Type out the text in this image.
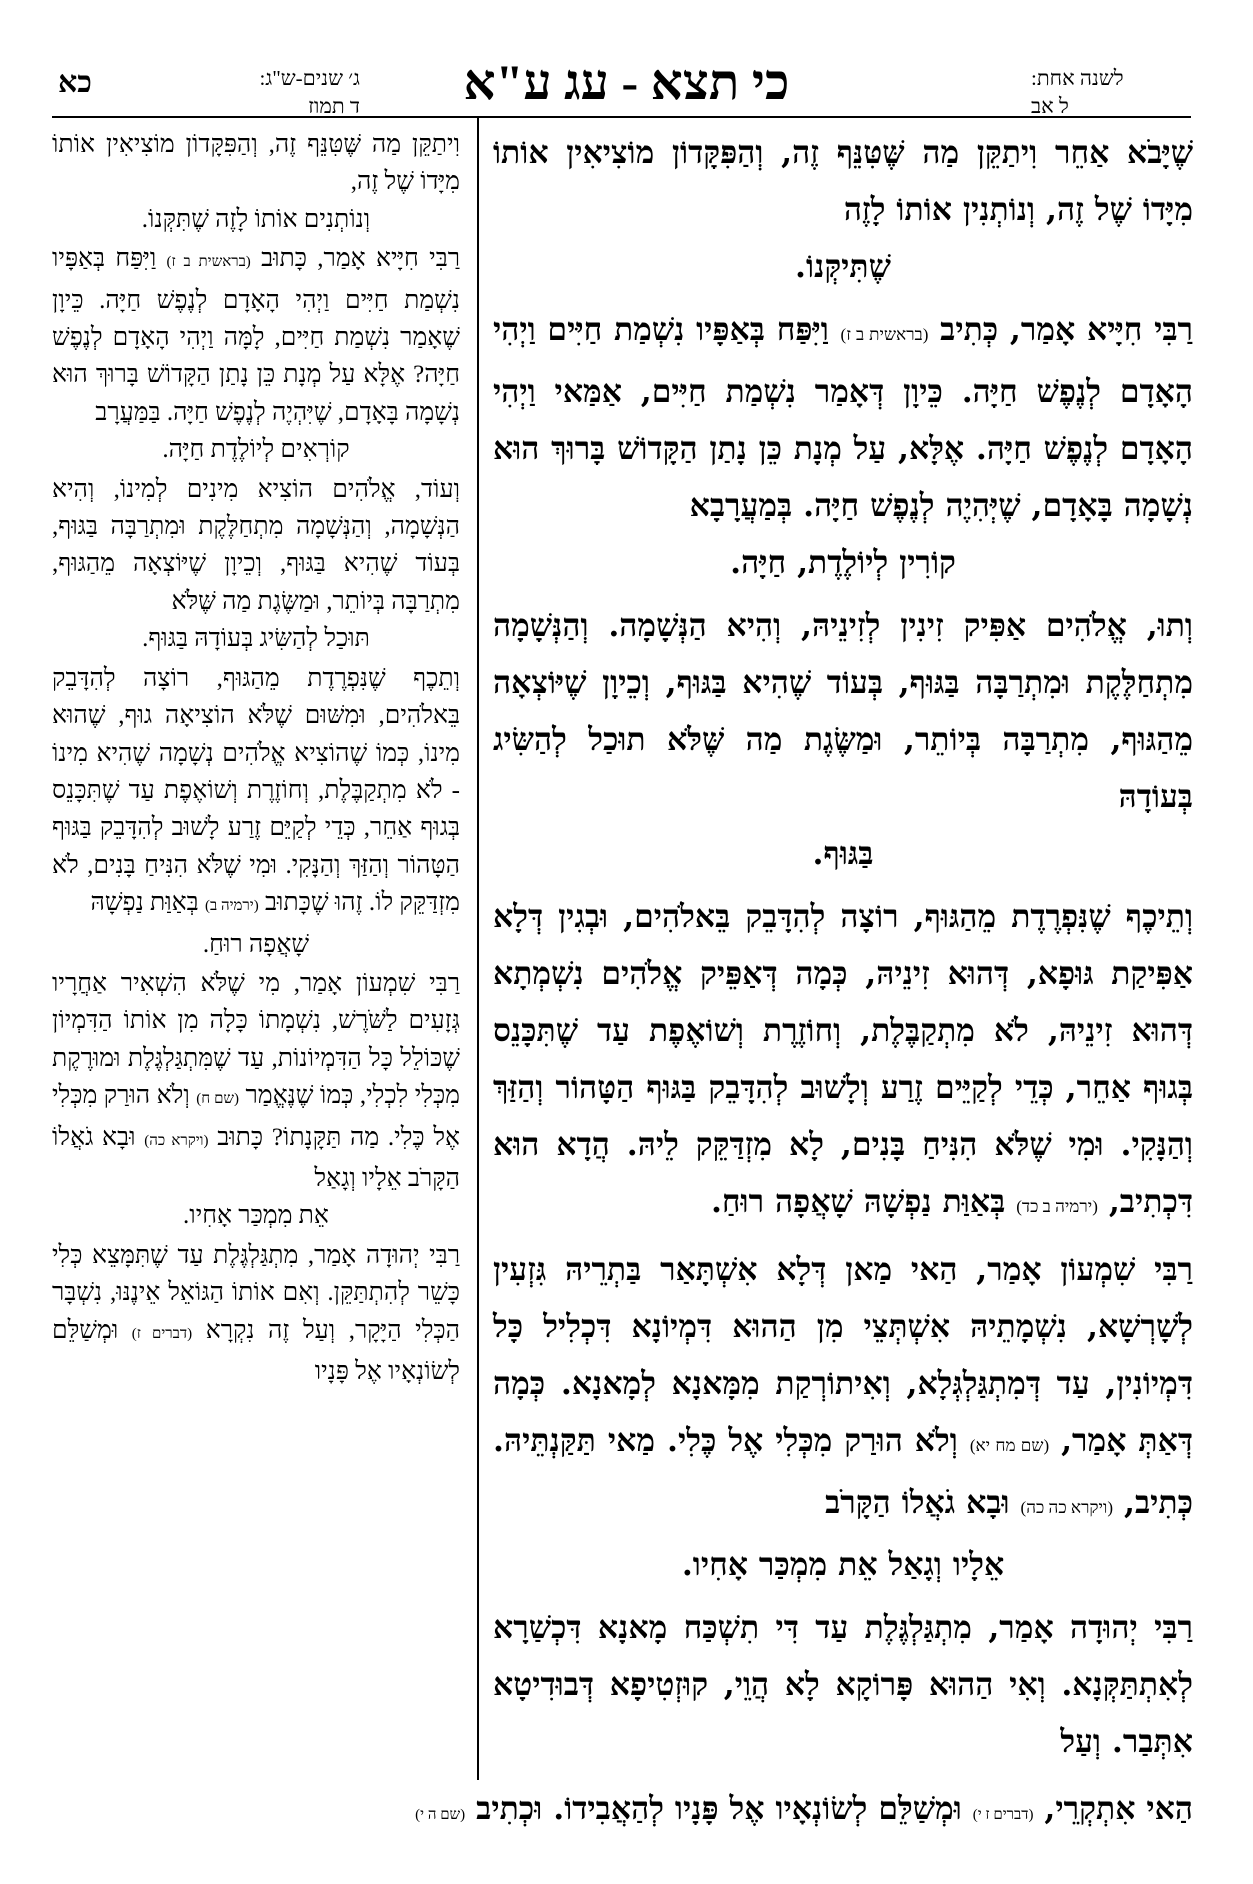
לשנה אחת:
ל אב
כי תצא - עג ע"א
ג׳ שנים-ש"ג:
ד תמוז
כא

שֶׁיָּבֹא אַחֵר וִיתַקֵּן מַה שֶּׁטִּנֵּף זֶה, וְהַפִּקָּדוֹן מוֹצִיאִין אוֹתוֹ מִיָּדוֹ שֶׁל זֶה, וְנוֹתְנִין אוֹתוֹ לָזֶה
שֶׁתִּיקְּנוֹ.

רַבִּי חִיָּיא אָמַר, כְּתִיב (בראשית ב ז) וַיִּפַּח בְּאַפָּיו נִשְׁמַת חַיִּים וַיְהִי הָאָדָם לְנֶפֶשׁ חַיָּה. כֵּיוָן דְּאָמַר נִשְׁמַת חַיִּים, אַמַּאי וַיְהִי הָאָדָם לְנֶפֶשׁ חַיָּה. אֶלָּא, עַל מְנָת כֵּן נָתַן הַקָּדוֹשׁ בָּרוּךְ הוּא נְשָׁמָה בָּאָדָם, שֶׁיְּהִיֶה לְנֶפֶשׁ חַיָּה. בְּמַעֲרָבָא
קוֹרִין לְיוֹלֶדֶת, חַיָּה.

וְתוּ, אֱלֹהִים אַפִּיק זִינִין לְזִינֵיהּ, וְהִיא הַנְּשָׁמָה. וְהַנְּשָׁמָה מִתְחַלֶּקֶת וּמִתְרַבָּה בַּגּוּף, בְּעוֹד שֶׁהִיא בַּגּוּף, וְכֵיוָן שֶׁיּוֹצְאָה מֵהַגּוּף, מִתְרַבָּה בְּיוֹתֵר, וּמַשֶּׂגֶת מַה שֶּׁלֹּא תוּכַל לְהַשִּׂיג בְּעוֹדָהּ
בַּגּוּף.

וְתֵיכֶף שֶׁנִּפְרֶדֶת מֵהַגּוּף, רוֹצָה לְהִדָּבֵק בֵּאלֹהִים, וּבְגִין דְּלָא אַפִּיקַת גּוּפָא, דְּהוּא זִינֵיהּ, כְּמָה דְּאַפֵּיק אֱלֹהִים נִשְׁמְתָא דְּהוּא זִינֵיהּ, לֹא מִתְקַבֶּלֶת, וְחוֹזֶרֶת וְשׁוֹאֶפֶת עַד שֶׁתִּכָּנֵס בְּגוּף אַחֵר, כְּדֵי לְקַיֵּים זֶרַע וְלָשׁוּב לְהִדָּבֵק בַּגּוּף הַטָּהוֹר וְהַזַּךְ וְהַנָּקִי. וּמִי שֶׁלֹּא הִנִּיחַ בָּנִים, לָא מִזְדַּקֵּק לֵיהּ. הֲדָא הוּא דִּכְתִיב, (ירמיה ב כד) בְּאַוַּת נַפְשָׁהּ שָׁאֲפָה רוּחַ.

רַבִּי שִׁמְעוֹן אָמַר, הַאי מַאן דְּלָא אִשְׁתָּאַר בַּתְרֵיהּ גִּזְעִין לְשָׁרְשָׁא, נִשְׁמָתֵיהּ אִשְׁתְּצֵי מִן הַהוּא דִּמְיוֹנָא דִּכְלִיל כָּל דִּמְיוֹנִין, עַד דְּמִתְגַּלְגְּלָא, וְאִיתוֹרְקַת מִמָּאנָא לְמָאנָא. כְּמָה דְּאַתְּ אָמַר, (שם מח יא) וְלֹא הוּרַק מִכְּלִי אֶל כֶּלִי. מַאי תַּקַּנְתֵּיהּ. כְּתִיב, (ויקרא כה כה) וּבָא גֹאֲלוֹ הַקָּרֹב
אֵלָיו וְגָאַל אֵת מִמְכַּר אָחִיו.

רַבִּי יְהוּדָה אָמַר, מִתְגַּלְגֶּלֶת עַד דִּי תִשְׁכַּח מָאנָא דִּכְשַׁרָא לְאִתְתַּקְּנָא. וְאִי הַהוּא פָּרוֹקָא לָא הֲוֵי, קוּזְטִיפָא דְּבוּדִיטָא אִתְּבַר. וְעַל

וִיתַקֵּן מַה שֶּׁטִּנֵּף זֶה, וְהַפִּקָּדוֹן מוֹצִיאִין אוֹתוֹ מִיָּדוֹ שֶׁל זֶה,
וְנוֹתְנִים אוֹתוֹ לָזֶה שֶׁתִּקְּנוֹ.

רַבִּי חִיָּיא אָמַר, כָּתוּב (בראשית ב ז) וַיִּפַּח בְּאַפָּיו נִשְׁמַת חַיִּים וַיְהִי הָאָדָם לְנֶפֶשׁ חַיָּה. כֵּיוָן שֶׁאָמַר נִשְׁמַת חַיִּים, לָמָּה וַיְהִי הָאָדָם לְנֶפֶשׁ חַיָּה? אֶלָּא עַל מְנָת כֵּן נָתַן הַקָּדוֹשׁ בָּרוּךְ הוּא נְשָׁמָה בָּאָדָם, שֶׁיִּהְיֶה לְנֶפֶשׁ חַיָּה. בַּמַּעֲרָב
קוֹרְאִים לְיוֹלֶדֶת חַיָּה.

וְעוֹד, אֱלֹהִים הוֹצִיא מִינִים לְמִינוֹ, וְהִיא הַנְּשָׁמָה, וְהַנְּשָׁמָה מִתְחַלֶּקֶת וּמִתְרַבָּה בַּגּוּף, בְּעוֹד שֶׁהִיא בַּגּוּף, וְכֵיוָן שֶׁיּוֹצְאָה מֵהַגּוּף, מִתְרַבָּה בְּיוֹתֵר, וּמַשֶּׂגֶת מַה שֶּׁלֹּא
תּוּכַל לְהַשִּׂיג בְּעוֹדָהּ בַּגּוּף.

וְתֵכֶף שֶׁנִּפְרֶדֶת מֵהַגּוּף, רוֹצָה לְהִדָּבֵק בֵּאלֹהִים, וּמִשּׁוּם שֶׁלֹּא הוֹצִיאָה גוּף, שֶׁהוּא מִינוֹ, כְּמוֹ שֶׁהוֹצִיא אֱלֹהִים נְשָׁמָה שֶׁהִיא מִינוֹ - לֹא מִתְקַבֶּלֶת, וְחוֹזֶרֶת וְשׁוֹאֶפֶת עַד שֶׁתִּכָּנֵס בְּגוּף אַחֵר, כְּדֵי לְקַיֵּם זֶרַע לָשׁוּב לְהִדָּבֵק בַּגּוּף הַטָּהוֹר וְהַזַּךְ וְהַנָּקִי. וּמִי שֶׁלֹּא הִנִּיחַ בָּנִים, לֹא מִזְדַּקֵּק לוֹ. זֶהוּ שֶׁכָּתוּב (ירמיה ב) בְּאַוַּת נַפְשָׁהּ
שָׁאֲפָה רוּחַ.

רַבִּי שִׁמְעוֹן אָמַר, מִי שֶׁלֹּא הִשְׁאִיר אַחֲרָיו גְּזָעִים לַשֹּׁרֶשׁ, נִשְׁמָתוֹ כָּלָה מִן אוֹתוֹ הַדִּמְיוֹן שֶׁכּוֹלֵל כָּל הַדִּמְיוֹנוֹת, עַד שֶׁמִּתְגַּלְגֶּלֶת וּמוּרֶקֶת מִכְּלִי לִכְלִי, כְּמוֹ שֶׁנֶּאֱמַר (שם ח) וְלֹא הוּרַק מִכְּלִי אֶל כֶּלִי. מַה תַּקָּנָתוֹ? כָּתוּב (ויקרא כה) וּבָא גֹאֲלוֹ הַקָּרֹב אֵלָיו וְגָאַל
אֵת מִמְכַּר אָחִיו.

רַבִּי יְהוּדָה אָמַר, מִתְגַּלְגֶּלֶת עַד שֶׁתִּמָּצֵא כְּלִי כָּשֵׁר לְהִתְתַּקֵּן. וְאִם אוֹתוֹ הַגּוֹאֵל אֵינֶנּוּ, נִשְׁבָּר הַכְּלִי הַיָּקָר, וְעַל זֶה נִקְרָא (דברים ז) וּמְשַׁלֵּם לְשׂוֹנְאָיו אֶל פָּנָיו

הַאי אִתְקְרֵי, (דברים ז י) וּמְשַׁלֵּם לְשׂוֹנְאָיו אֶל פָּנָיו לְהַאֲבִידוֹ. וּכְתִיב (שם ה י)
